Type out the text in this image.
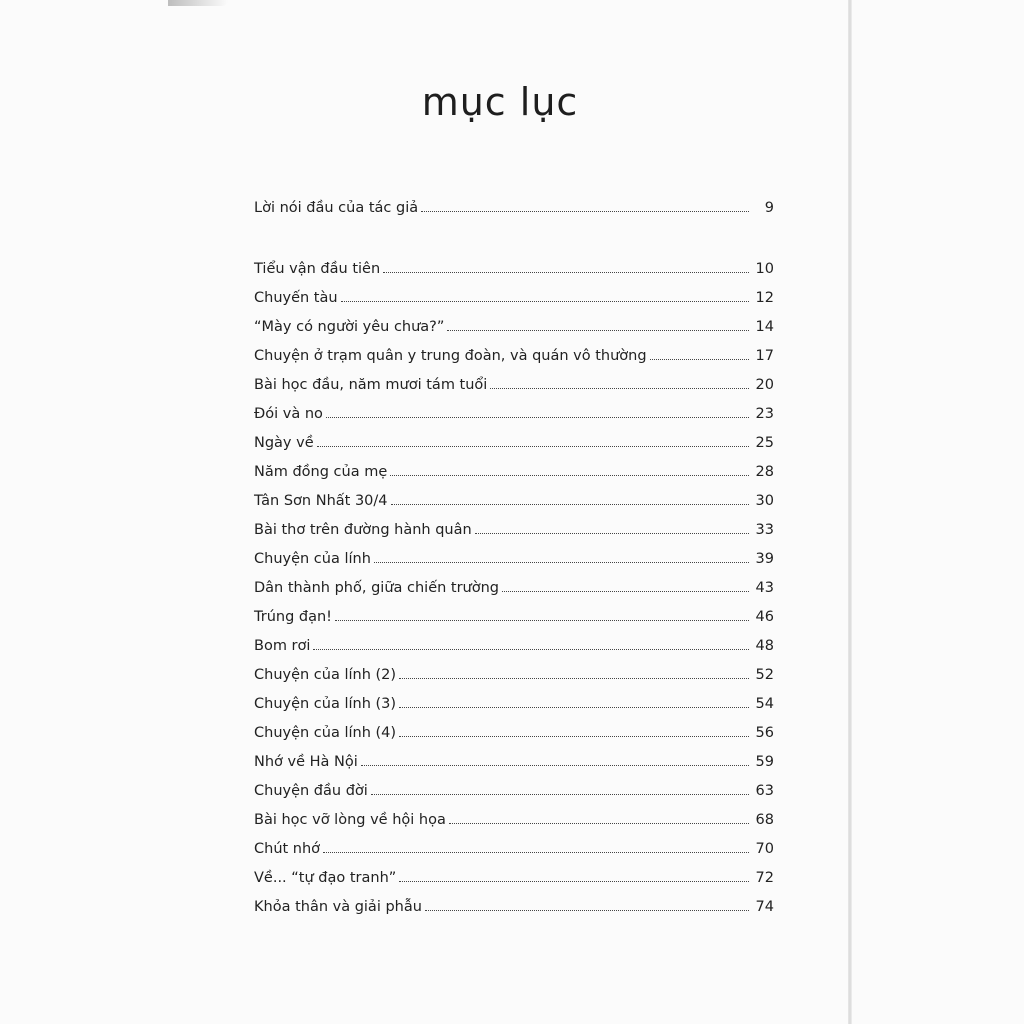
mục lục
Lời nói đầu của tác giả	9
Tiểu vận đầu tiên	10
Chuyến tàu	12
“Mày có người yêu chưa?”	14
Chuyện ở trạm quân y trung đoàn, và quán vô thường	17
Bài học đầu, năm mươi tám tuổi	20
Đói và no	23
Ngày về	25
Năm đồng của mẹ	28
Tân Sơn Nhất 30/4	30
Bài thơ trên đường hành quân	33
Chuyện của lính	39
Dân thành phố, giữa chiến trường	43
Trúng đạn!	46
Bom rơi	48
Chuyện của lính (2)	52
Chuyện của lính (3)	54
Chuyện của lính (4)	56
Nhớ về Hà Nội	59
Chuyện đầu đời	63
Bài học vỡ lòng về hội họa	68
Chút nhớ	70
Về... “tự đạo tranh”	72
Khỏa thân và giải phẫu	74
